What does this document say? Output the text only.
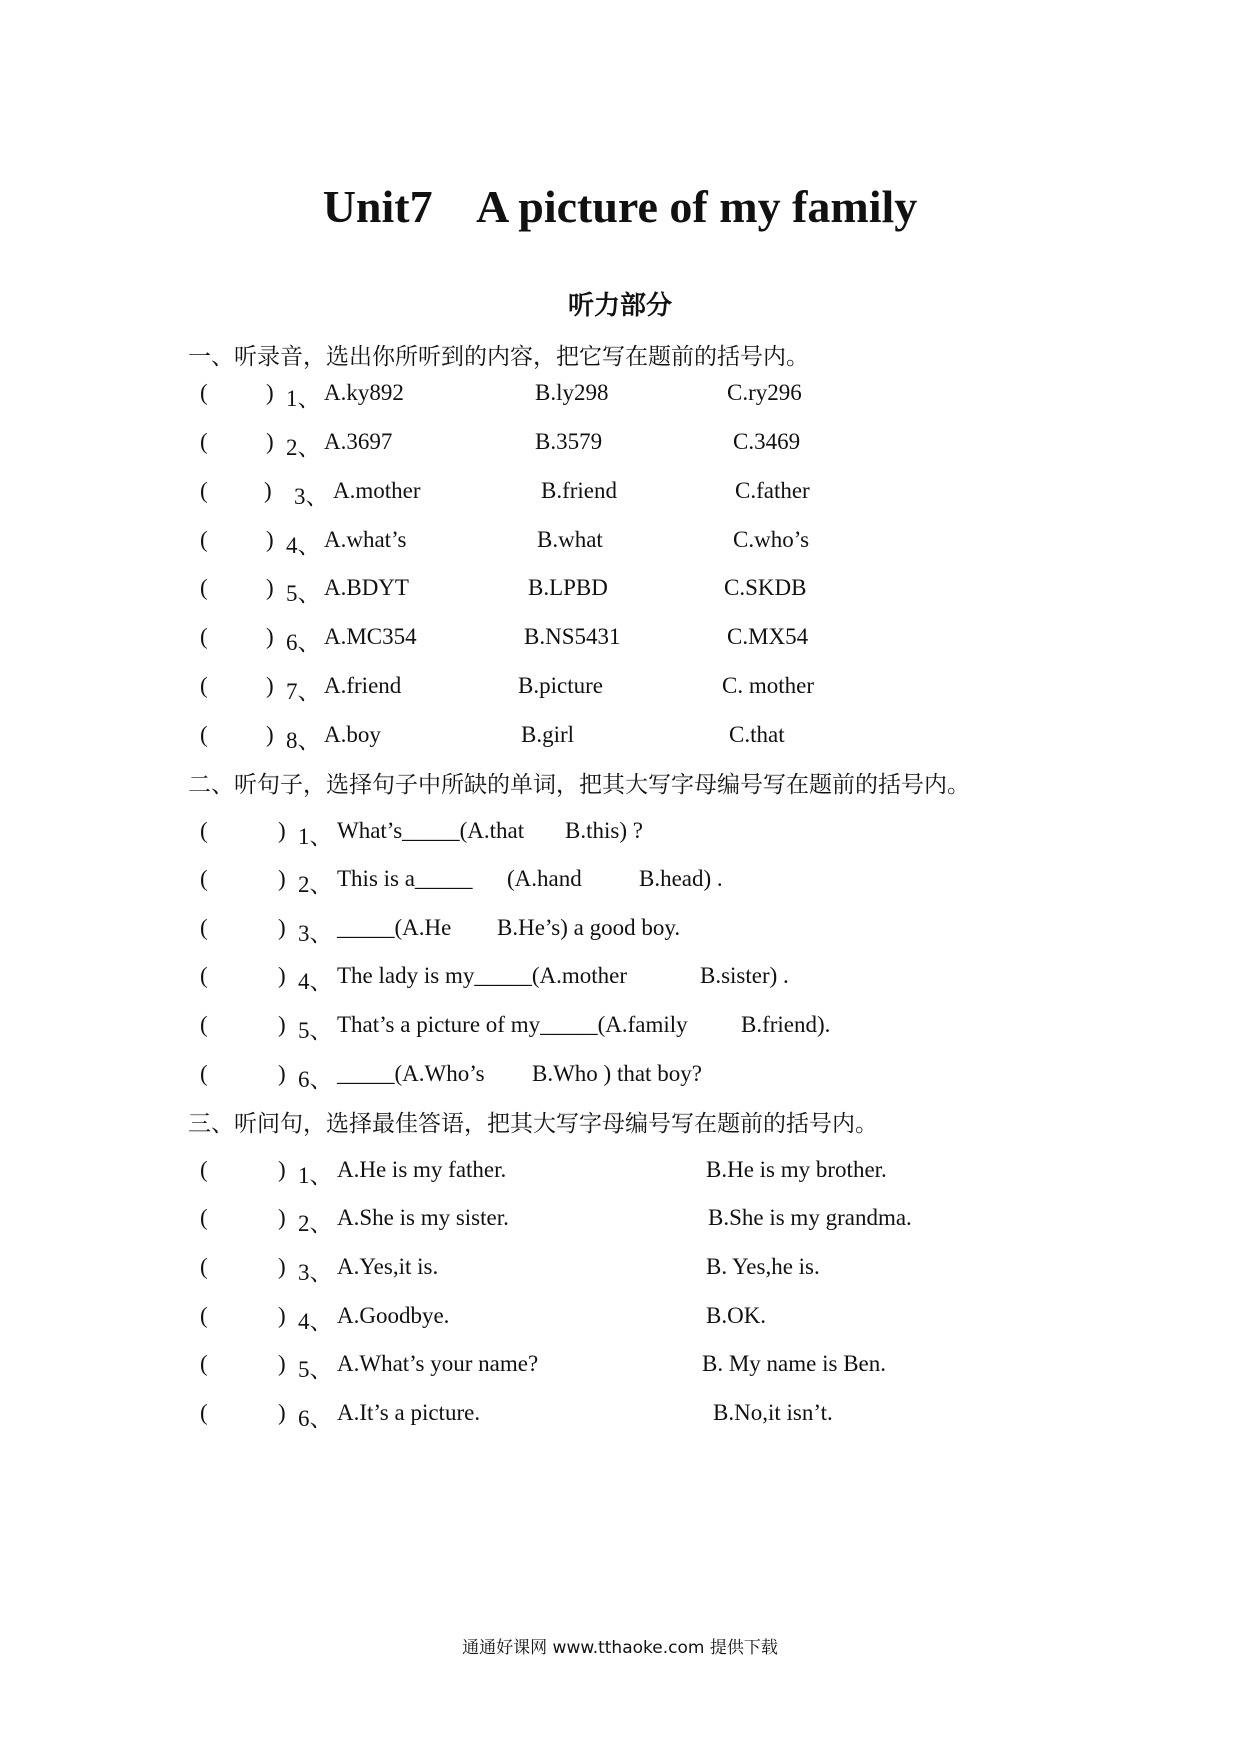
Unit7    A picture of my family
听力部分
一、听录音，选出你所听到的内容，把它写在题前的括号内。
(	) 1、 A.ky892	B.ly298	C.ry296
(	) 2、 A.3697	B.3579	C.3469
( ) 3、 A.mother	B.friend	C.father
(	) 4、 A.what’s	B.what	C.who’s
(	) 5、 A.BDYT	B.LPBD	C.SKDB
(	) 6、 A.MC354	B.NS5431	C.MX54
(	) 7、 A.friend	B.picture	C. mother
(	) 8、 A.boy	B.girl	C.that
二、听句子，选择句子中所缺的单词，把其大写字母编号写在题前的括号内。
(	) 1、 What’s_____(A.that B.this) ?
(	) 2、 This is a_____ (A.hand B.head) .
(	) 3、 _____(A.He B.He’s) a good boy.
(	) 4、 The lady is my_____(A.mother	B.sister) .
(	) 5、 That’s a picture of my_____(A.family B.friend).
(	) 6、 _____(A.Who’s B.Who ) that boy?
三、听问句，选择最佳答语，把其大写字母编号写在题前的括号内。
(	) 1、 A.He is my father.	B.He is my brother.
(	) 2、 A.She is my sister.	B.She is my grandma.
(	) 3、 A.Yes,it is.	B. Yes,he is.
(	) 4、 A.Goodbye.	B.OK.
(	) 5、 A.What’s your name?	B. My name is Ben.
(	) 6、 A.It’s a picture.	B.No,it isn’t.
通通好课网 www.tthaoke.com 提供下载
